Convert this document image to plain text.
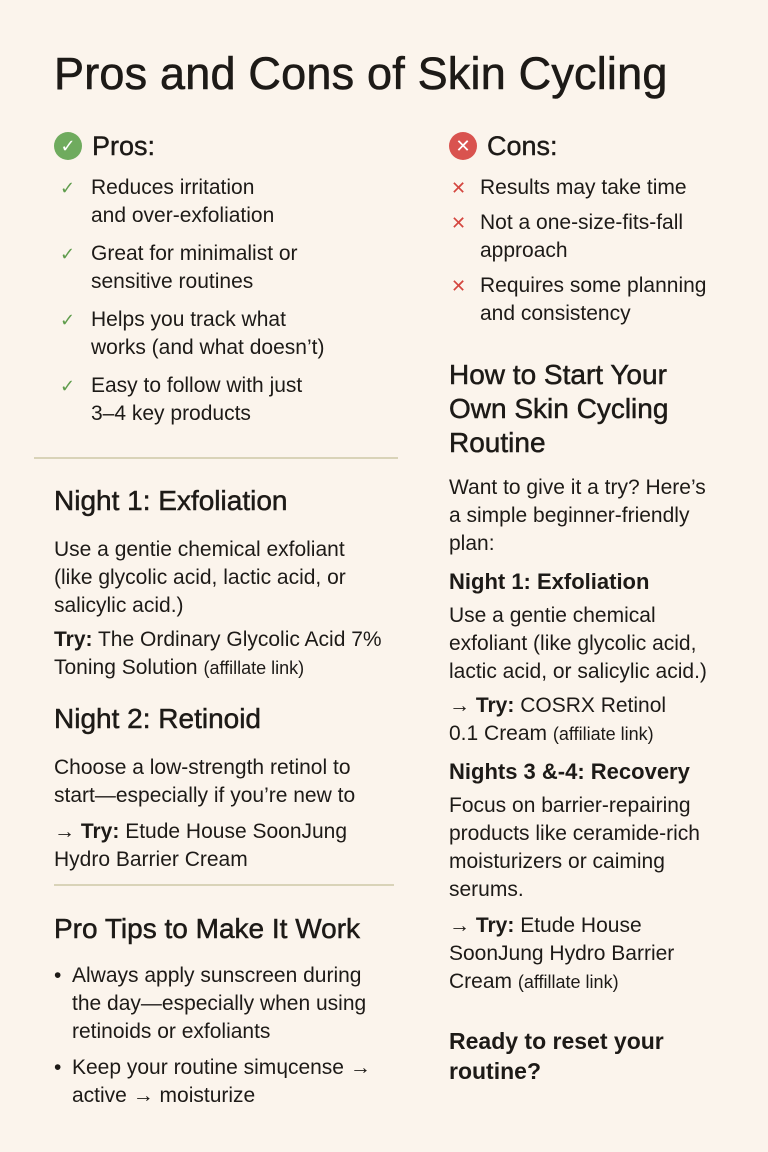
Pros and Cons of Skin Cycling
✓ Pros:
✓ Reduces irritation
and over-exfoliation
✓ Great for minimalist or
sensitive routines
✓ Helps you track what
works (and what doesn’t)
✓ Easy to follow with just
3–4 key products
Night 1: Exfoliation
Use a gentie chemical exfoliant
(like glycolic acid, lactic acid, or
salicylic acid.)
Try: The Ordinary Glycolic Acid 7%
Toning Solution (affillate link)
Night 2: Retinoid
Choose a low-strength retinol to
start—especially if you’re new to
→ Try: Etude House SoonJung
Hydro Barrier Cream
Pro Tips to Make It Work
• Always apply sunscreen during
the day—especially when using
retinoids or exfoliants
• Keep your routine simɥcense →
active → moisturize
✕ Cons:
✕ Results may take time
✕ Not a one-size-fits-fall
approach
✕ Requires some planning
and consistency
How to Start Your
Own Skin Cycling
Routine
Want to give it a try? Here’s
a simple beginner-friendly
plan:
Night 1: Exfoliation
Use a gentie chemical
exfoliant (like glycolic acid,
lactic acid, or salicylic acid.)
→ Try: COSRX Retinol
0.1 Cream (affiliate link)
Nights 3 &-4: Recovery
Focus on barrier-repairing
products like ceramide-rich
moisturizers or caiming
serums.
→ Try: Etude House
SoonJung Hydro Barrier
Cream (affillate link)
Ready to reset your
routine?
